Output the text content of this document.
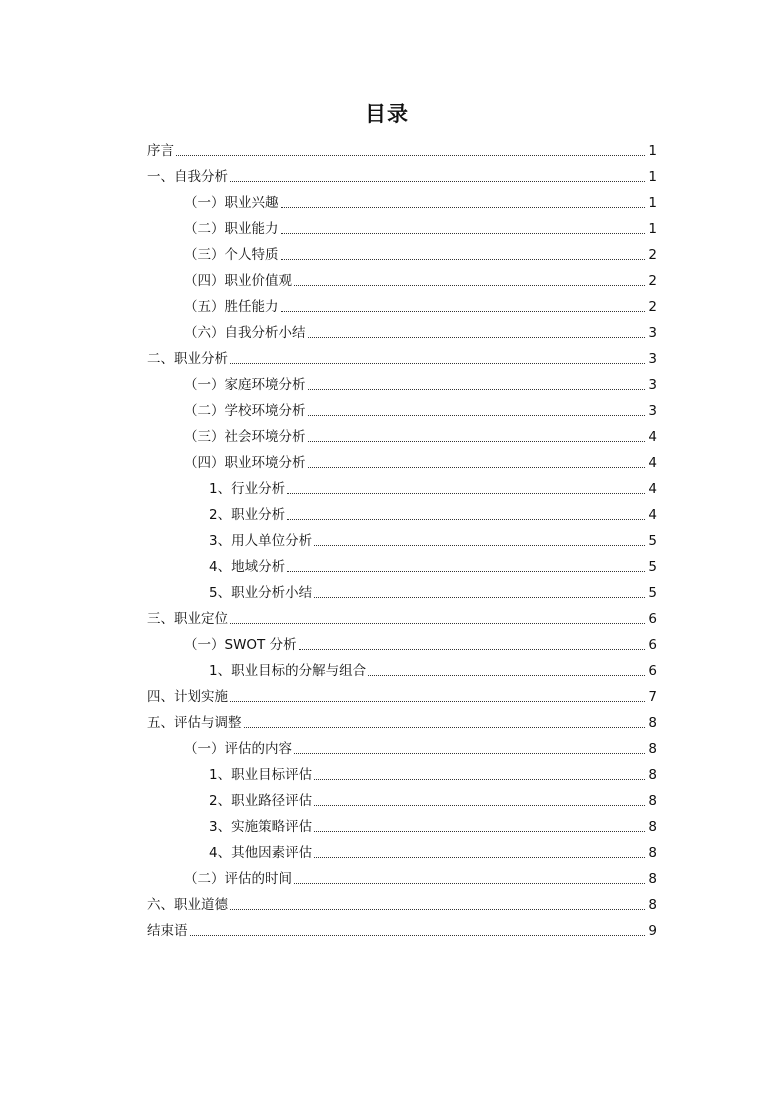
目录
序言	1
一、自我分析	1
（一）职业兴趣	1
（二）职业能力	1
（三）个人特质	2
（四）职业价值观	2
（五）胜任能力	2
（六）自我分析小结	3
二、职业分析	3
（一）家庭环境分析	3
（二）学校环境分析	3
（三）社会环境分析	4
（四）职业环境分析	4
1、行业分析	4
2、职业分析	4
3、用人单位分析	5
4、地域分析	5
5、职业分析小结	5
三、职业定位	6
（一）SWOT 分析	6
1、职业目标的分解与组合	6
四、计划实施	7
五、评估与调整	8
（一）评估的内容	8
1、职业目标评估	8
2、职业路径评估	8
3、实施策略评估	8
4、其他因素评估	8
（二）评估的时间	8
六、职业道德	8
结束语	9
